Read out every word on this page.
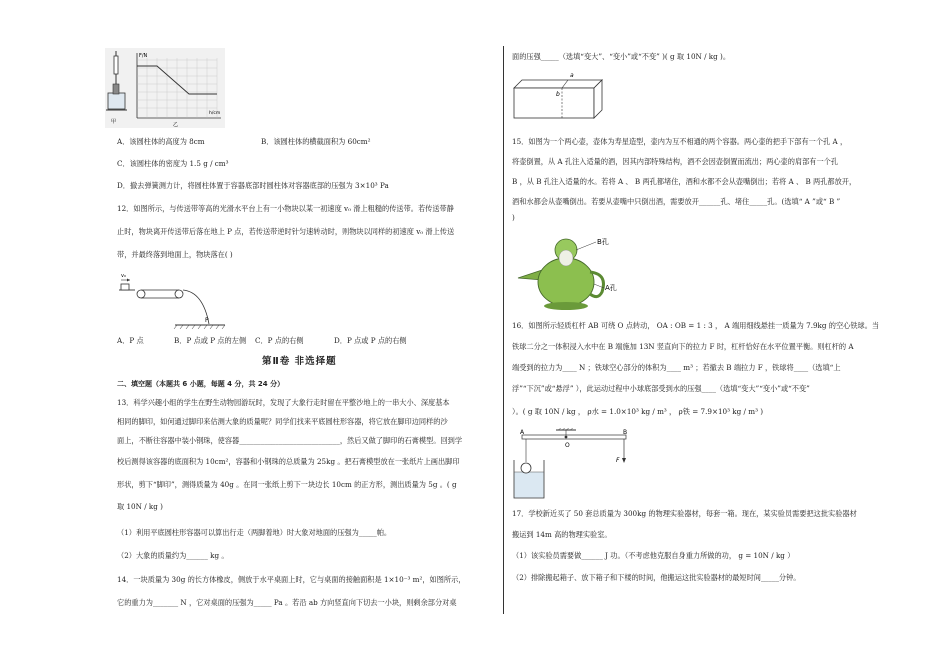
甲
F/N
h/cm
乙
A．该圆柱体的高度为 8cm	B．该圆柱体的横截面积为 60cm²
C．该圆柱体的密度为 1.5 g / cm³
D．撤去弹簧测力计，将圆柱体置于容器底部时圆柱体对容器底部的压强为 3×10³ Pa
12．如图所示，与传送带等高的光滑水平台上有一小物块以某一初速度 v₀ 滑上粗糙的传送带。若传送带静
止时，物块离开传送带后落在地上 P 点，若传送带逆时针匀速转动时，则物块以同样的初速度 v₀ 滑上传送
带，并最终落到地面上，物块落在( )
v₀
P
A．P 点	B．P 点或 P 点的左侧 C．P 点的右侧	D．P 点或 P 点的右侧
第Ⅱ卷 非选择题
二、填空题（本题共 6 小题，每题 4 分，共 24 分）
13．科学兴趣小组的学生在野生动物园游玩时，发现了大象行走时留在平整沙地上的一串大小、深度基本
相同的脚印，如何通过脚印来估测大象的质量呢？同学们找来平底圆柱形容器，将它放在脚印边同样的沙
面上，不断往容器中装小钢珠，使容器____________________________，然后又做了脚印的石膏模型。回到学
校后测得该容器的底面积为 10cm²，容器和小钢珠的总质量为 25kg 。把石膏模型放在一张纸片上画出脚印
形状，剪下“脚印”，测得质量为 40g 。在同一张纸上剪下一块边长 10cm 的正方形，测出质量为 5g 。( g
取 10N / kg )
（1）利用平底圆柱形容器可以算出行走（两脚着地）时大象对地面的压强为_____帕。
（2）大象的质量约为______ kg 。
14．一块质量为 30g 的长方体橡皮，侧放于水平桌面上时，它与桌面的接触面积是 1×10⁻³ m²，如图所示，
它的重力为_______ N ，它对桌面的压强为_____ Pa 。若沿 ab 方向竖直向下切去一小块，则剩余部分对桌
面的压强_____（选填“变大”、“变小”或“不变” )( g 取 10N / kg )。
a
b
15．如图为一个两心壶，壶体为寿星造型，壶内为互不相通的两个容器。两心壶的把手下部有一个孔 A ，
将壶倒置，从 A 孔注入适量的酒，因其内部特殊结构，酒不会因壶倒置而流出；两心壶的肩部有一个孔
B ，从 B 孔注入适量的水。若将 A 、 B 两孔都堵住，酒和水都不会从壶嘴倒出；若将 A 、 B 两孔都放开，
酒和水都会从壶嘴倒出。若要从壶嘴中只倒出酒，需要放开______孔、堵住_____孔。(选填“ A ”或“ B ”
)
B孔
A孔
16．如图所示轻质杠杆 AB 可绕 O 点转动， OA : OB = 1 : 3 ， A 端用细线悬挂一质量为 7.9kg 的空心铁球。当
铁球二分之一体积浸入水中在 B 端施加 13N 竖直向下的拉力 F 时，杠杆恰好在水平位置平衡。则杠杆的 A
端受到的拉力为____ N ；铁球空心部分的体积为____ m³ ；若撤去 B 端拉力 F ，铁球将____（选填“上
浮”“下沉”或“悬浮” ），此运动过程中小球底部受到水的压强____（选填“变大”“变小”或“不变”
）。( g 取 10N / kg ， ρ水 = 1.0×10³ kg / m³ ， ρ铁 = 7.9×10³ kg / m³ )
A
O
B
F
17．学校新近买了 50 套总质量为 300kg 的物理实验器材，每套一箱。现在，某实验员需要把这批实验器材
搬运到 14m 高的物理实验室。
（1）该实验员需要做______ J 功。（不考虑他克服自身重力所做的功， g = 10N / kg ）
（2）排除搬起箱子、放下箱子和下楼的时间，他搬运这批实验器材的最短时间_____分钟。
